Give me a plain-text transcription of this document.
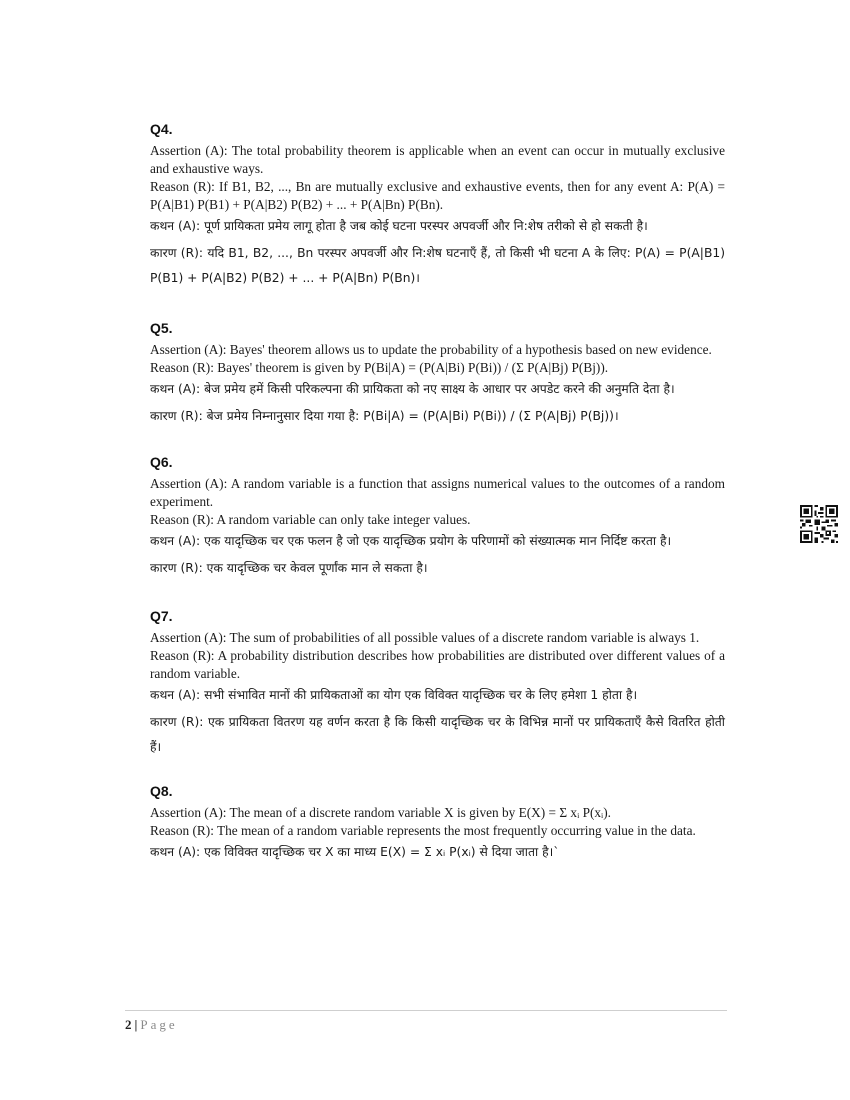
Q4.

Assertion (A): The total probability theorem is applicable when an event can occur in mutually exclusive and exhaustive ways.

Reason (R): If B1, B2, ..., Bn are mutually exclusive and exhaustive events, then for any event A: P(A) = P(A|B1) P(B1) + P(A|B2) P(B2) + ... + P(A|Bn) P(Bn).

कथन (A): पूर्ण प्रायिकता प्रमेय लागू होता है जब कोई घटना परस्पर अपवर्जी और नि:शेष तरीको से हो सकती है।

कारण (R): यदि B1, B2, ..., Bn परस्पर अपवर्जी और नि:शेष घटनाएँ हैं, तो किसी भी घटना A के लिए: P(A) = P(A|B1) P(B1) + P(A|B2) P(B2) + ... + P(A|Bn) P(Bn)।

Q5.

Assertion (A): Bayes' theorem allows us to update the probability of a hypothesis based on new evidence.

Reason (R): Bayes' theorem is given by P(Bi|A) = (P(A|Bi) P(Bi)) / (Σ P(A|Bj) P(Bj)).

कथन (A): बेज प्रमेय हमें किसी परिकल्पना की प्रायिकता को नए साक्ष्य के आधार पर अपडेट करने की अनुमति देता है।

कारण (R): बेज प्रमेय निम्नानुसार दिया गया है: P(Bi|A) = (P(A|Bi) P(Bi)) / (Σ P(A|Bj) P(Bj))।

Q6.

Assertion (A): A random variable is a function that assigns numerical values to the outcomes of a random experiment.

Reason (R): A random variable can only take integer values.

कथन (A): एक यादृच्छिक चर एक फलन है जो एक यादृच्छिक प्रयोग के परिणामों को संख्यात्मक मान निर्दिष्ट करता है।

कारण (R): एक यादृच्छिक चर केवल पूर्णांक मान ले सकता है।

Q7.

Assertion (A): The sum of probabilities of all possible values of a discrete random variable is always 1.

Reason (R): A probability distribution describes how probabilities are distributed over different values of a random variable.

कथन (A): सभी संभावित मानों की प्रायिकताओं का योग एक विविक्त यादृच्छिक चर के लिए हमेशा 1 होता है।

कारण (R): एक प्रायिकता वितरण यह वर्णन करता है कि किसी यादृच्छिक चर के विभिन्न मानों पर प्रायिकताएँ कैसे वितरित होती हैं।

Q8.

Assertion (A): The mean of a discrete random variable X is given by E(X) = Σ xᵢ P(xᵢ).

Reason (R): The mean of a random variable represents the most frequently occurring value in the data.

कथन (A): एक विविक्त यादृच्छिक चर X का माध्य E(X) = Σ xᵢ P(xᵢ) से दिया जाता है।`

2 | Page
